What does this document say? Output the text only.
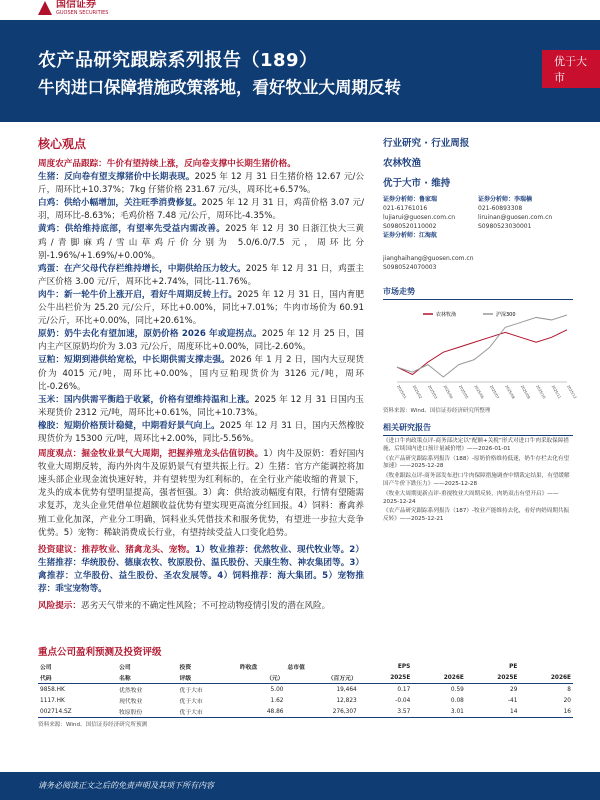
国信证券
GUOSEN SECURITIES
农产品研究跟踪系列报告（189）
牛肉进口保障措施政策落地，看好牧业大周期反转
优于大市
核心观点

周度农产品跟踪：牛价有望持续上涨，反向卷支撑中长期生猪价格。

生猪：反向卷有望支撑猪价中长期表现。2025 年 12 月 31 日生猪价格 12.67 元/公斤，周环比+10.37%；7kg 仔猪价格 231.67 元/头，周环比+6.57%。

白鸡：供给小幅增加，关注旺季消费修复。2025 年 12 月 31 日，鸡苗价格 3.07 元/羽，周环比-8.63%；毛鸡价格 7.48 元/公斤，周环比-4.35%。

黄鸡：供给维持底部，有望率先受益内需改善。2025 年 12 月 30 日浙江快大三黄鸡/青脚麻鸡/雪山草鸡斤价分别为 5.0/6.0/7.5 元，周环比分别-1.96%/+1.69%/+0.00%。

鸡蛋：在产父母代存栏维持增长，中期供给压力较大。2025 年 12 月 31 日，鸡蛋主产区价格 3.00 元/斤，周环比+2.74%，同比-11.76%。

肉牛：新一轮牛价上涨开启，看好牛周期反转上行。2025 年 12 月 31 日，国内育肥公牛出栏价为 25.20 元/公斤，环比+0.00%，同比+7.01%；牛肉市场价为 60.91 元/公斤，环比+0.00%，同比+20.61%。

原奶：奶牛去化有望加速，原奶价格 2026 年或迎拐点。2025 年 12 月 25 日，国内主产区原奶均价为 3.03 元/公斤，周度环比+0.00%，同比-2.60%。

豆粕：短期到港供给宽松，中长期供需支撑走强。2026 年 1 月 2 日，国内大豆现货价为 4015 元/吨，周环比+0.00%，国内豆粕现货价为 3126 元/吨，周环比-0.26%。

玉米：国内供需平衡趋于收紧，价格有望维持温和上涨。2025 年 12 月 31 日国内玉米现货价 2312 元/吨，周环比+0.61%，同比+10.73%。

橡胶：短期价格预计稳健，中期看好景气向上。2025 年 12 月 31 日，国内天然橡胶现货价为 15300 元/吨，周环比+2.00%，同比-5.56%。

周度观点：掘金牧业景气大周期，把握养殖龙头估值切换。1）肉牛及原奶：看好国内牧业大周期反转，海内外肉牛及原奶景气有望共振上行。2）生猪：官方产能调控将加速头部企业现金流快速好转，并有望转型为红利标的，在全行业产能收缩的背景下，龙头的成本优势有望明显提高，强者恒强。3）禽：供给波动幅度有限，行情有望随需求复苏，龙头企业凭借单位超额收益优势有望实现更高流分红回报。4）饲料：畜禽养殖工业化加深，产业分工明确，饲料业头凭借技术和服务优势，有望进一步拉大竞争优势。5）宠物：稀缺消费成长行业，有望持续受益人口变化趋势。

投资建议：推荐牧业、猪禽龙头、宠物。1）牧业推荐：优然牧业、现代牧业等。2）生猪推荐：华统股份、德康农牧、牧原股份、温氏股份、天康生物、神农集团等。3）禽推荐：立华股份、益生股份、圣农发展等。4）饲料推荐：海大集团。5）宠物推荐：乖宝宠物等。

风险提示：恶劣天气带来的不确定性风险；不可控动物疫情引发的潜在风险。

行业研究 · 行业周报
农林牧渔
优于大市 · 维持
证券分析师：鲁家瑞
021-61761016
lujiarui@guosen.com.cn
S0980520110002
证券分析师：江海航
证券分析师：李瑞楠
021-60893308
liruinan@guosen.com.cn
S0980523030001
jianghaihang@guosen.com.cn
S0980524070003
市场走势
农林牧渔	沪深300
2025/01 2025/02 2025/03 2025/04 2025/05 2025/06 2025/07 2025/08 2025/09 2025/10 2025/11 2025/12
资料来源：Wind、国信证券经济研究所整理
相关研究报告
《进口牛肉政策点评-商务部决定以“配额+关税”形式对进口牛肉采取保障措施，后续国内进口预计量减价增》——2026-01-01
《农产品研究跟踪系列报告（188）-原奶价格维持低迷，奶牛存栏去化有望加速》——2025-12-28
《牧业跟踪点评-商务部发布进口牛肉保障措施调查中期裁定结果，有望缓解国产牛价下跌压力》——2025-12-28
《牧业大周期更新点评-重视牧业大周期反转，肉奶双击有望开启》——2025-12-24
《农产品研究跟踪系列报告（187）-牧业产能维持去化，看好肉奶周期共振反转》——2025-12-21
重点公司盈利预测及投资评级
公司	公司	投资	昨收盘	总市值	EPS		PE	
代码	名称	评级	（元）	（百万元）	2025E	2026E	2025E	2026E
9858.HK	优然牧业	优于大市	5.00	19,464	0.17	0.59	29	8
1117.HK	现代牧业	优于大市	1.62	12,823	-0.04	0.08	-41	20
002714.SZ	牧原股份	优于大市	48.86	276,307	3.57	3.01	14	16
资料来源：Wind、国信证券经济研究所预测
请务必阅读正文之后的免责声明及其项下所有内容
